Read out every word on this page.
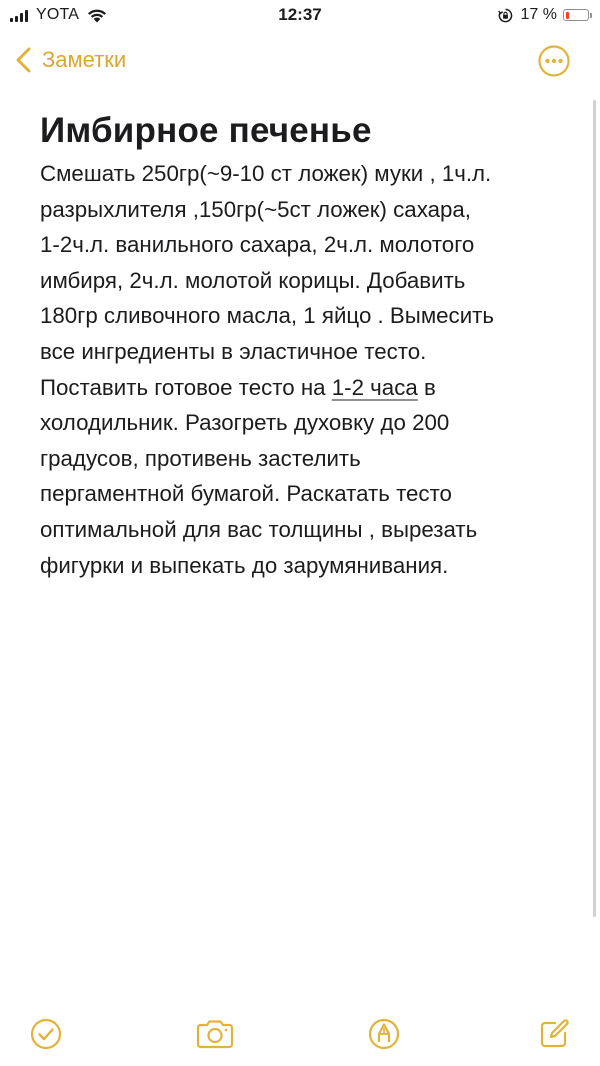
YOTA	12:37	17 %
Заметки
Имбирное печенье
Смешать 250гр(~9-10 ст ложек) муки , 1ч.л.
разрыхлителя ,150гр(~5ст ложек) сахара,
1-2ч.л. ванильного сахара, 2ч.л. молотого
имбиря, 2ч.л. молотой корицы. Добавить
180гр сливочного масла, 1 яйцо . Вымесить
все ингредиенты в эластичное тесто.
Поставить готовое тесто на 1-2 часа в
холодильник. Разогреть духовку до 200
градусов, противень застелить
пергаментной бумагой. Раскатать тесто
оптимальной для вас толщины , вырезать
фигурки и выпекать до зарумянивания.
